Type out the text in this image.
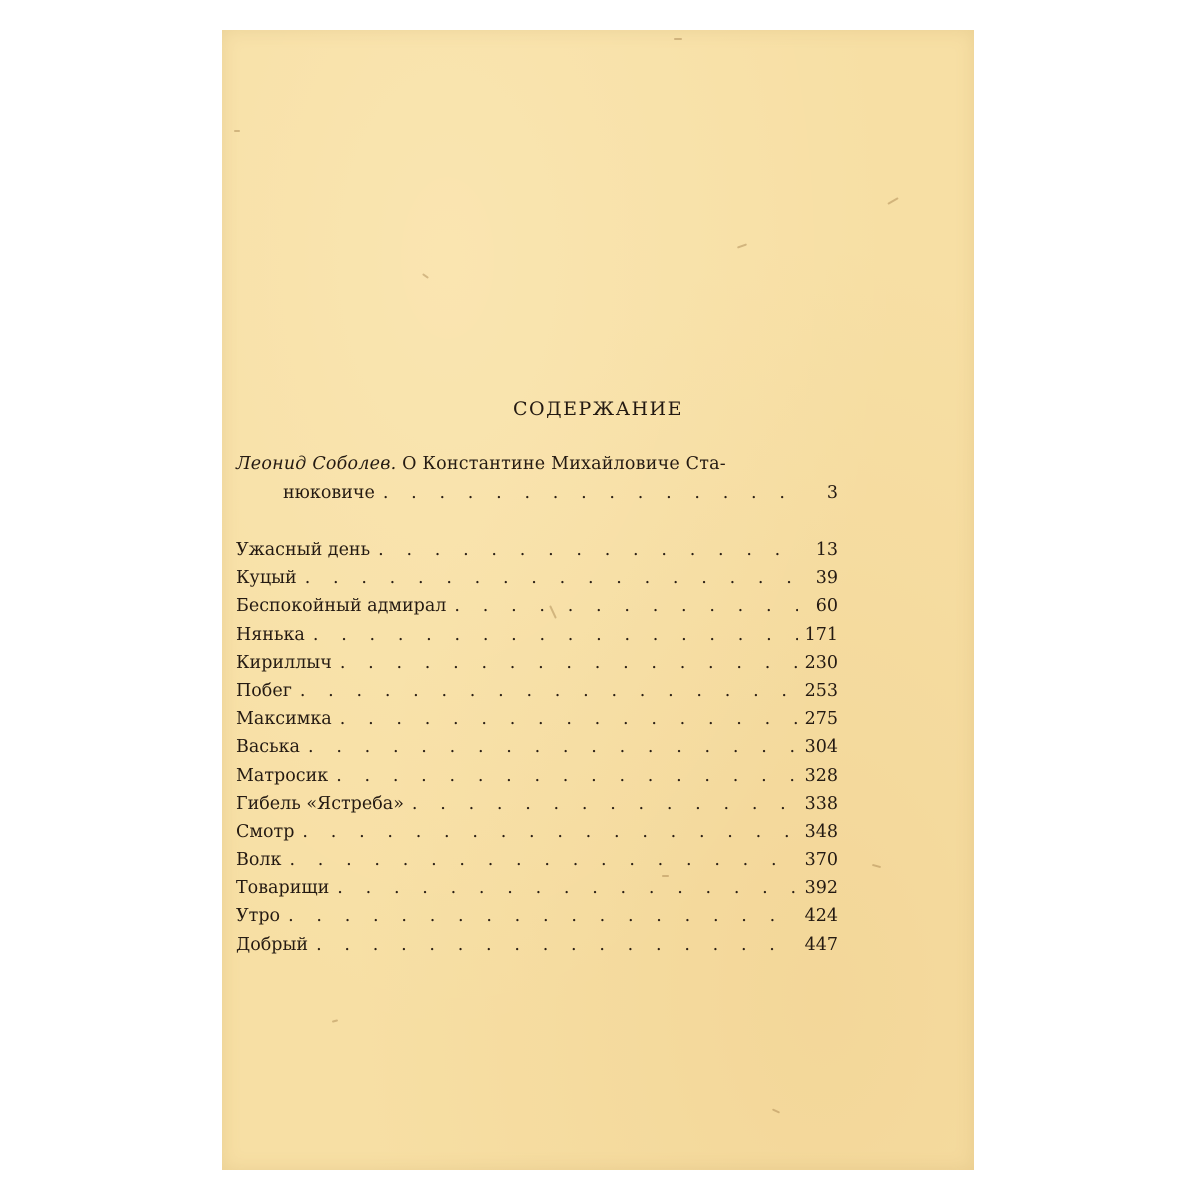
СОДЕРЖАНИЕ
Леонид Соболев. О Константине Михайловиче Ста-
нюковиче . . .	3
Ужасный день . . .	13
Куцый . . .	39
Беспокойный адмирал . . .	60
Нянька . . .	171
Кириллыч . . .	230
Побег . . .	253
Максимка . . .	275
Васька . . .	304
Матросик . . .	328
Гибель «Ястреба» . . .	338
Смотр . . .	348
Волк . . .	370
Товарищи . . .	392
Утро . . .	424
Добрый . . .	447
